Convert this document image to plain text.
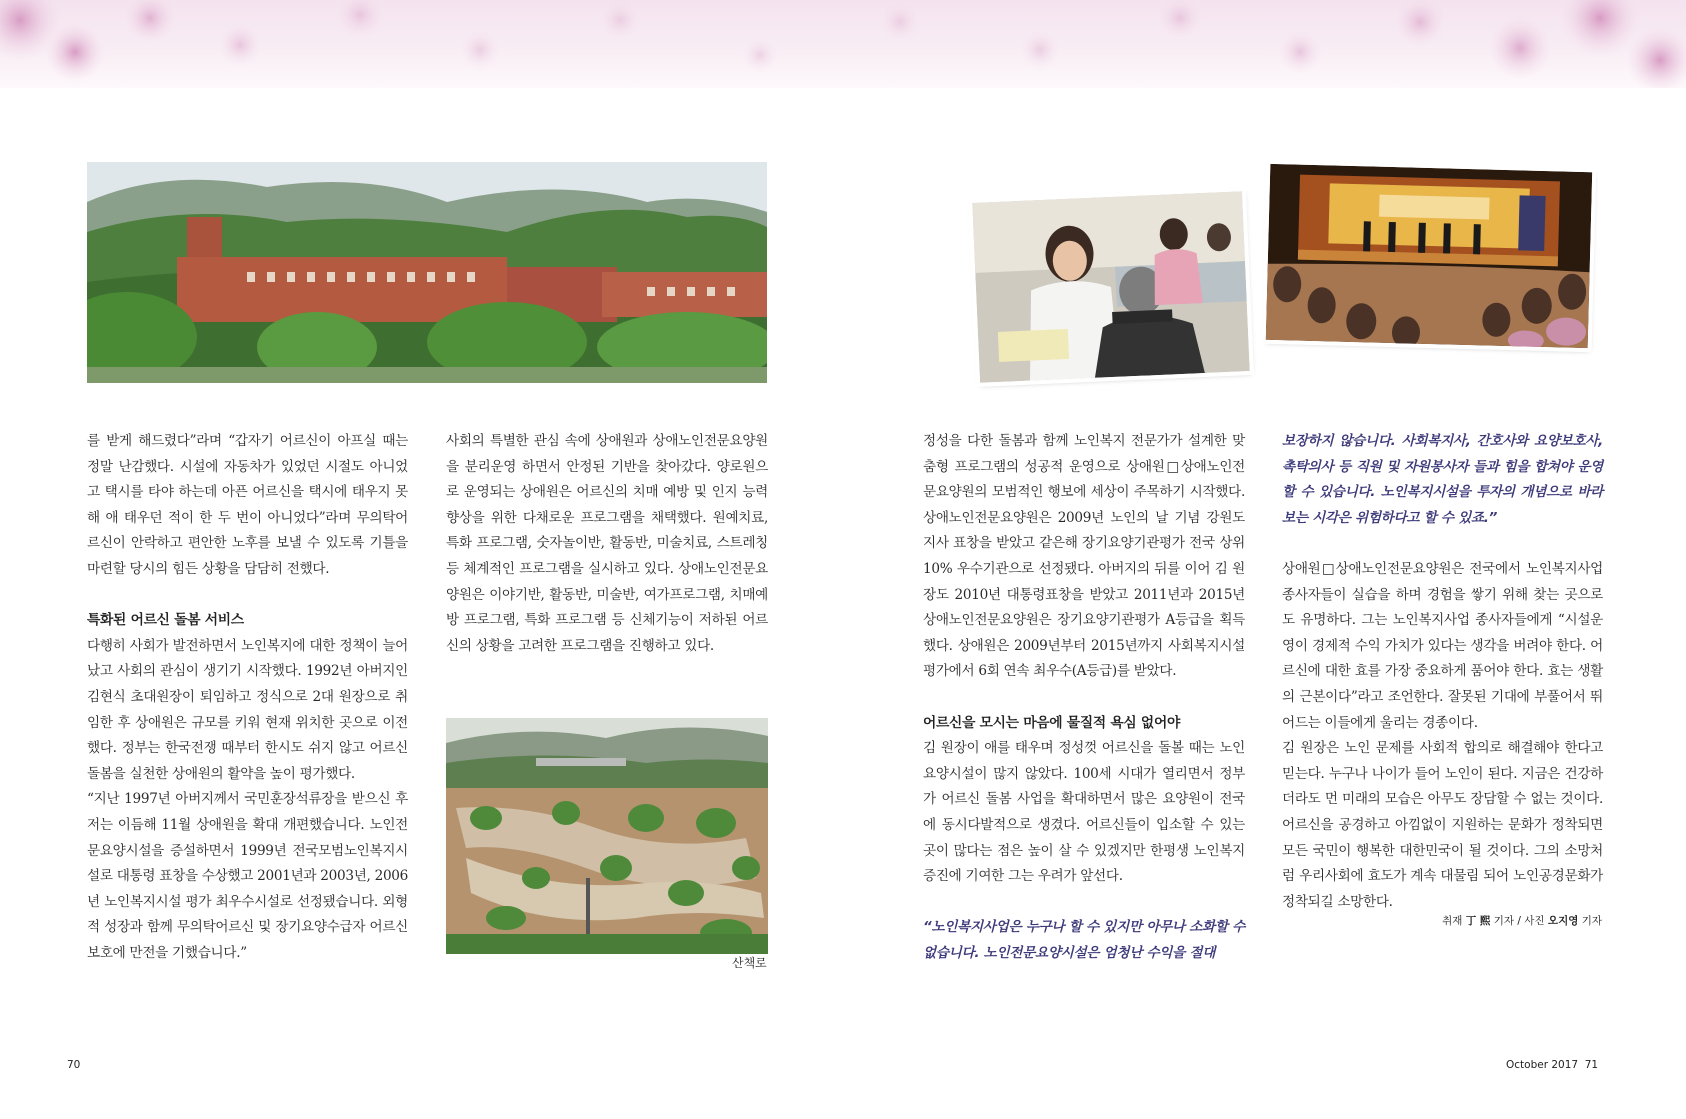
산책로

를 받게 해드렸다”라며 “갑자기 어르신이 아프실 때는 정말 난감했다. 시설에 자동차가 있었던 시절도 아니었고 택시를 타야 하는데 아픈 어르신을 택시에 태우지 못해 애 태우던 적이 한 두 번이 아니었다”라며 무의탁어르신이 안락하고 편안한 노후를 보낼 수 있도록 기틀을 마련할 당시의 힘든 상황을 담담히 전했다.

특화된 어르신 돌봄 서비스

다행히 사회가 발전하면서 노인복지에 대한 정책이 늘어났고 사회의 관심이 생기기 시작했다. 1992년 아버지인 김현식 초대원장이 퇴임하고 정식으로 2대 원장으로 취임한 후 상애원은 규모를 키워 현재 위치한 곳으로 이전했다. 정부는 한국전쟁 때부터 한시도 쉬지 않고 어르신 돌봄을 실천한 상애원의 활약을 높이 평가했다.

“지난 1997년 아버지께서 국민훈장석류장을 받으신 후 저는 이듬해 11월 상애원을 확대 개편했습니다. 노인전문요양시설을 증설하면서 1999년 전국모범노인복지시설로 대통령 표창을 수상했고 2001년과 2003년, 2006년 노인복지시설 평가 최우수시설로 선정됐습니다. 외형적 성장과 함께 무의탁어르신 및 장기요양수급자 어르신보호에 만전을 기했습니다.”

사회의 특별한 관심 속에 상애원과 상애노인전문요양원을 분리운영 하면서 안정된 기반을 찾아갔다. 양로원으로 운영되는 상애원은 어르신의 치매 예방 및 인지 능력 향상을 위한 다채로운 프로그램을 채택했다. 원예치료, 특화 프로그램, 숫자놀이반, 활동반, 미술치료, 스트레칭 등 체계적인 프로그램을 실시하고 있다. 상애노인전문요양원은 이야기반, 활동반, 미술반, 여가프로그램, 치매예방 프로그램, 특화 프로그램 등 신체기능이 저하된 어르신의 상황을 고려한 프로그램을 진행하고 있다.

정성을 다한 돌봄과 함께 노인복지 전문가가 설계한 맞춤형 프로그램의 성공적 운영으로 상애원□상애노인전문요양원의 모범적인 행보에 세상이 주목하기 시작했다. 상애노인전문요양원은 2009년 노인의 날 기념 강원도지사 표창을 받았고 같은해 장기요양기관평가 전국 상위 10% 우수기관으로 선정됐다. 아버지의 뒤를 이어 김 원장도 2010년 대통령표창을 받았고 2011년과 2015년 상애노인전문요양원은 장기요양기관평가 A등급을 획득했다. 상애원은 2009년부터 2015년까지 사회복지시설평가에서 6회 연속 최우수(A등급)를 받았다.

어르신을 모시는 마음에 물질적 욕심 없어야

김 원장이 애를 태우며 정성껏 어르신을 돌볼 때는 노인요양시설이 많지 않았다. 100세 시대가 열리면서 정부가 어르신 돌봄 사업을 확대하면서 많은 요양원이 전국에 동시다발적으로 생겼다. 어르신들이 입소할 수 있는 곳이 많다는 점은 높이 살 수 있겠지만 한평생 노인복지증진에 기여한 그는 우려가 앞선다.

“노인복지사업은 누구나 할 수 있지만 아무나 소화할 수 없습니다. 노인전문요양시설은 엄청난 수익을 절대

보장하지 않습니다. 사회복지사, 간호사와 요양보호사, 촉탁의사 등 직원 및 자원봉사자 들과 힘을 합쳐야 운영할 수 있습니다. 노인복지시설을 투자의 개념으로 바라보는 시각은 위험하다고 할 수 있죠.”

상애원□상애노인전문요양원은 전국에서 노인복지사업 종사자들이 실습을 하며 경험을 쌓기 위해 찾는 곳으로도 유명하다. 그는 노인복지사업 종사자들에게 “시설운영이 경제적 수익 가치가 있다는 생각을 버려야 한다. 어르신에 대한 효를 가장 중요하게 품어야 한다. 효는 생활의 근본이다”라고 조언한다. 잘못된 기대에 부풀어서 뛰어드는 이들에게 울리는 경종이다.

김 원장은 노인 문제를 사회적 합의로 해결해야 한다고 믿는다. 누구나 나이가 들어 노인이 된다. 지금은 건강하더라도 먼 미래의 모습은 아무도 장담할 수 없는 것이다. 어르신을 공경하고 아낌없이 지원하는 문화가 정착되면 모든 국민이 행복한 대한민국이 될 것이다. 그의 소망처럼 우리사회에 효도가 계속 대물림 되어 노인공경문화가 정착되길 소망한다.

취재 丁 熙 기자 / 사진 오지영 기자
70	October 2017  71
